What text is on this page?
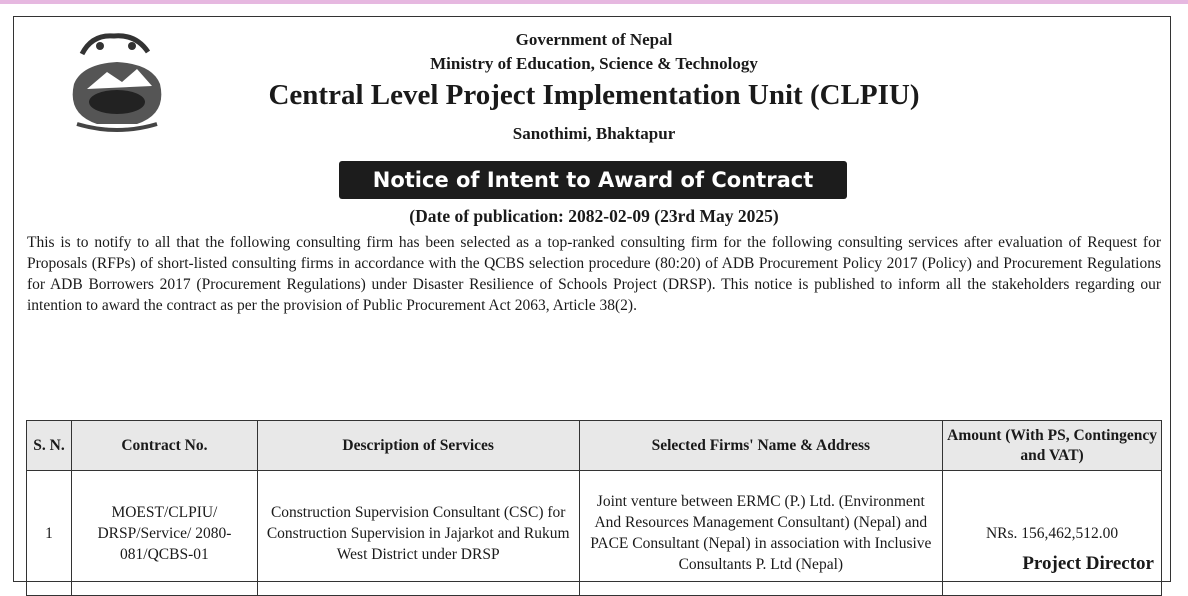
Government of Nepal
Ministry of Education, Science & Technology
Central Level Project Implementation Unit (CLPIU)
Sanothimi, Bhaktapur
Notice of Intent to Award of Contract
(Date of publication: 2082-02-09 (23rd May 2025)
This is to notify to all that the following consulting firm has been selected as a top-ranked consulting firm for the following consulting services after evaluation of Request for Proposals (RFPs) of short-listed consulting firms in accordance with the QCBS selection procedure (80:20) of ADB Procurement Policy 2017 (Policy) and Procurement Regulations for ADB Borrowers 2017 (Procurement Regulations) under Disaster Resilience of Schools Project (DRSP). This notice is published to inform all the stakeholders regarding our intention to award the contract as per the provision of Public Procurement Act 2063, Article 38(2).
S. N.	Contract No.	Description of Services	Selected Firms' Name & Address	Amount (With PS, Contingency and VAT)
1	MOEST/CLPIU/ DRSP/Service/ 2080-081/QCBS-01	Construction Supervision Consultant (CSC) for Construction Supervision in Jajarkot and Rukum West District under DRSP	Joint venture between ERMC (P.) Ltd. (Environment And Resources Management Consultant) (Nepal) and PACE Consultant (Nepal) in association with Inclusive Consultants P. Ltd (Nepal)	NRs. 156,462,512.00
Project Director
